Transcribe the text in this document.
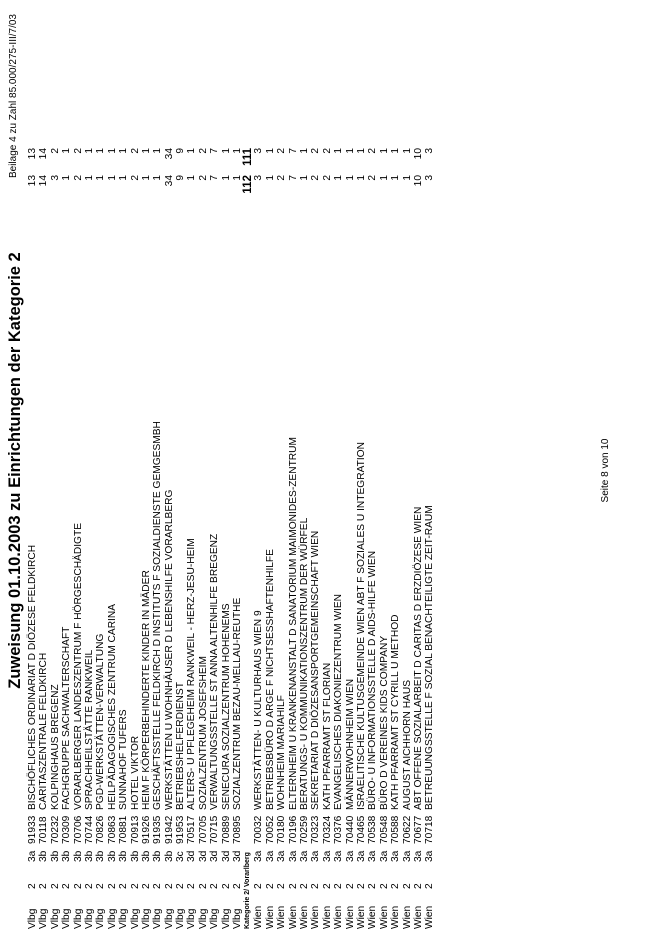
Zuweisung 01.10.2003 zu Einrichtungen der Kategorie 2
Beilage 4 zu Zahl 85.000/275-III/7/03
Vlbg
2
3a
91933
BISCHÖFLICHES ORDINARIAT D DIÖZESE FELDKIRCH
13
13
Vlbg
2
3b
70118
CARITASZENTRALE FELDKIRCH
14
14
Vlbg
2
3b
70232
KOLPINGHAUS BREGENZ
3
2
Vlbg
2
3b
70309
FACHGRUPPE SACHWALTERSCHAFT
1
1
Vlbg
2
3b
70706
VORARLBERGER LANDESZENTRUM F HÖRGESCHÄDIGTE
2
2
Vlbg
2
3b
70744
SPRACHHEILSTÄTTE RANKWEIL
1
1
Vlbg
2
3b
70826
PGD-WERKSTÄTTEN-VERWALTUNG
1
1
Vlbg
2
3b
70863
HEILPÄDAGOGISCHES ZENTRUM CARINA
1
1
Vlbg
2
3b
70881
SUNNAHOF TUFERS
1
1
Vlbg
2
3b
70913
HOTEL VIKTOR
2
2
Vlbg
2
3b
91926
HEIM F KÖRPERBEHINDERTE KINDER IN MÄDER
1
1
Vlbg
2
3b
91935
GESCHÄFTSSTELLE FELDKIRCH D INSTITUTS F SOZIALDIENSTE GEMGESMBH
1
1
Vlbg
2
3b
91942
WERKSTÄTTEN U WOHNHÄUSER D LEBENSHILFE VORARLBERG
34
34
Vlbg
2
3c
91953
BETRIEBSHELFERDIENST
9
9
Vlbg
2
3d
70517
ALTERS- U PFLEGEHEIM RANKWEIL - HERZ-JESU-HEIM
1
1
Vlbg
2
3d
70705
SOZIALZENTRUM JOSEFSHEIM
2
2
Vlbg
2
3d
70715
VERWALTUNGSSTELLE ST ANNA ALTENHILFE BREGENZ
7
7
Vlbg
2
3d
70889
SENECURA SOZIALZENTRUM HOHENEMS
1
1
Vlbg
2
3d
70895
SOZIALZENTRUM BEZAU-MELLAU-REUTHE
1
1
Kategorie 2/ Vorarlberg
112
111
Wien
2
3a
70032
WERKSTÄTTEN- U KULTURHAUS WIEN 9
3
3
Wien
2
3a
70052
BETRIEBSBÜRO D ARGE F NICHTSESSHAFTENHILFE
1
1
Wien
2
3a
70180
WOHNHEIM MARIAHILF
2
2
Wien
2
3a
70196
ELTERNHEIM U KRANKENANSTALT D SANATORIUM MAIMONIDES-ZENTRUM
7
7
Wien
2
3a
70259
BERATUNGS- U KOMMUNIKATIONSZENTRUM DER WÜRFEL
1
1
Wien
2
3a
70323
SEKRETARIAT D DIÖZESANSPORTGEMEINSCHAFT WIEN
2
2
Wien
2
3a
70324
KATH PFARRAMT ST FLORIAN
2
2
Wien
2
3a
70376
EVANGELISCHES DIAKONIEZENTRUM WIEN
1
1
Wien
2
3a
70440
MÄNNERWOHNHEIM WIEN
1
1
Wien
2
3a
70465
ISRAELITISCHE KULTUSGEMEINDE WIEN ABT F SOZIALES U INTEGRATION
1
1
Wien
2
3a
70538
BÜRO- U INFORMATIONSSTELLE D AIDS-HILFE WIEN
2
2
Wien
2
3a
70548
BÜRO D VEREINES KIDS COMPANY
1
1
Wien
2
3a
70588
KATH PFARRAMT ST CYRILL U METHOD
1
1
Wien
2
3a
70622
AUGUST AICHHORN HAUS
1
1
Wien
2
3a
70677
ABT OFFENE SOZIALARBEIT D CARITAS D ERZDIÖZESE WIEN
10
10
Wien
2
3a
70718
BETREUUNGSSTELLE F SOZIAL BENACHTEILIGTE ZEIT-RAUM
3
3
Seite 8 von 10
